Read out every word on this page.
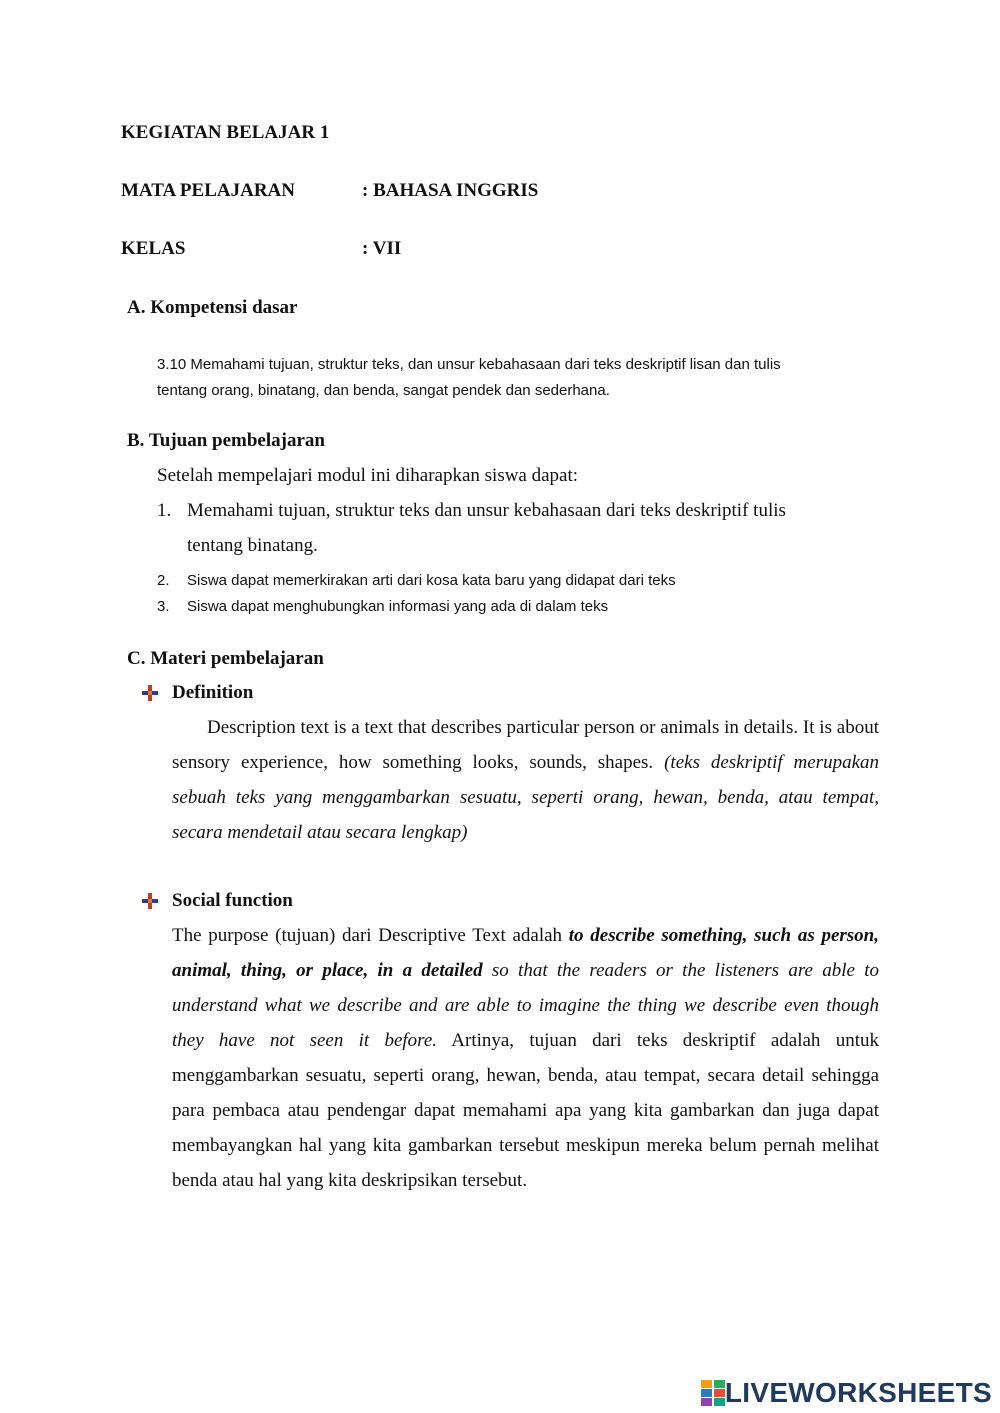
KEGIATAN BELAJAR 1
MATA PELAJARAN	: BAHASA INGGRIS
KELAS	: VII
A. Kompetensi dasar
3.10 Memahami tujuan, struktur teks, dan unsur kebahasaan dari teks deskriptif lisan dan tulis
tentang orang, binatang, dan benda, sangat pendek dan sederhana.
B. Tujuan pembelajaran
Setelah mempelajari modul ini diharapkan siswa dapat:
1. Memahami tujuan, struktur teks dan unsur kebahasaan dari teks deskriptif tulis
tentang binatang.
2. Siswa dapat memerkirakan arti dari kosa kata baru yang didapat dari teks
3. Siswa dapat menghubungkan informasi yang ada di dalam teks
C. Materi pembelajaran
Definition
Description text is a text that describes particular person or animals in details. It is about sensory experience, how something looks, sounds, shapes. (teks deskriptif merupakan sebuah teks yang menggambarkan sesuatu, seperti orang, hewan, benda, atau tempat, secara mendetail atau secara lengkap)
Social function
The purpose (tujuan) dari Descriptive Text adalah to describe something, such as person, animal, thing, or place, in a detailed so that the readers or the listeners are able to understand what we describe and are able to imagine the thing we describe even though they have not seen it before. Artinya, tujuan dari teks deskriptif adalah untuk menggambarkan sesuatu, seperti orang, hewan, benda, atau tempat, secara detail sehingga para pembaca atau pendengar dapat memahami apa yang kita gambarkan dan juga dapat membayangkan hal yang kita gambarkan tersebut meskipun mereka belum pernah melihat benda atau hal yang kita deskripsikan tersebut.
LIVEWORKSHEETS
